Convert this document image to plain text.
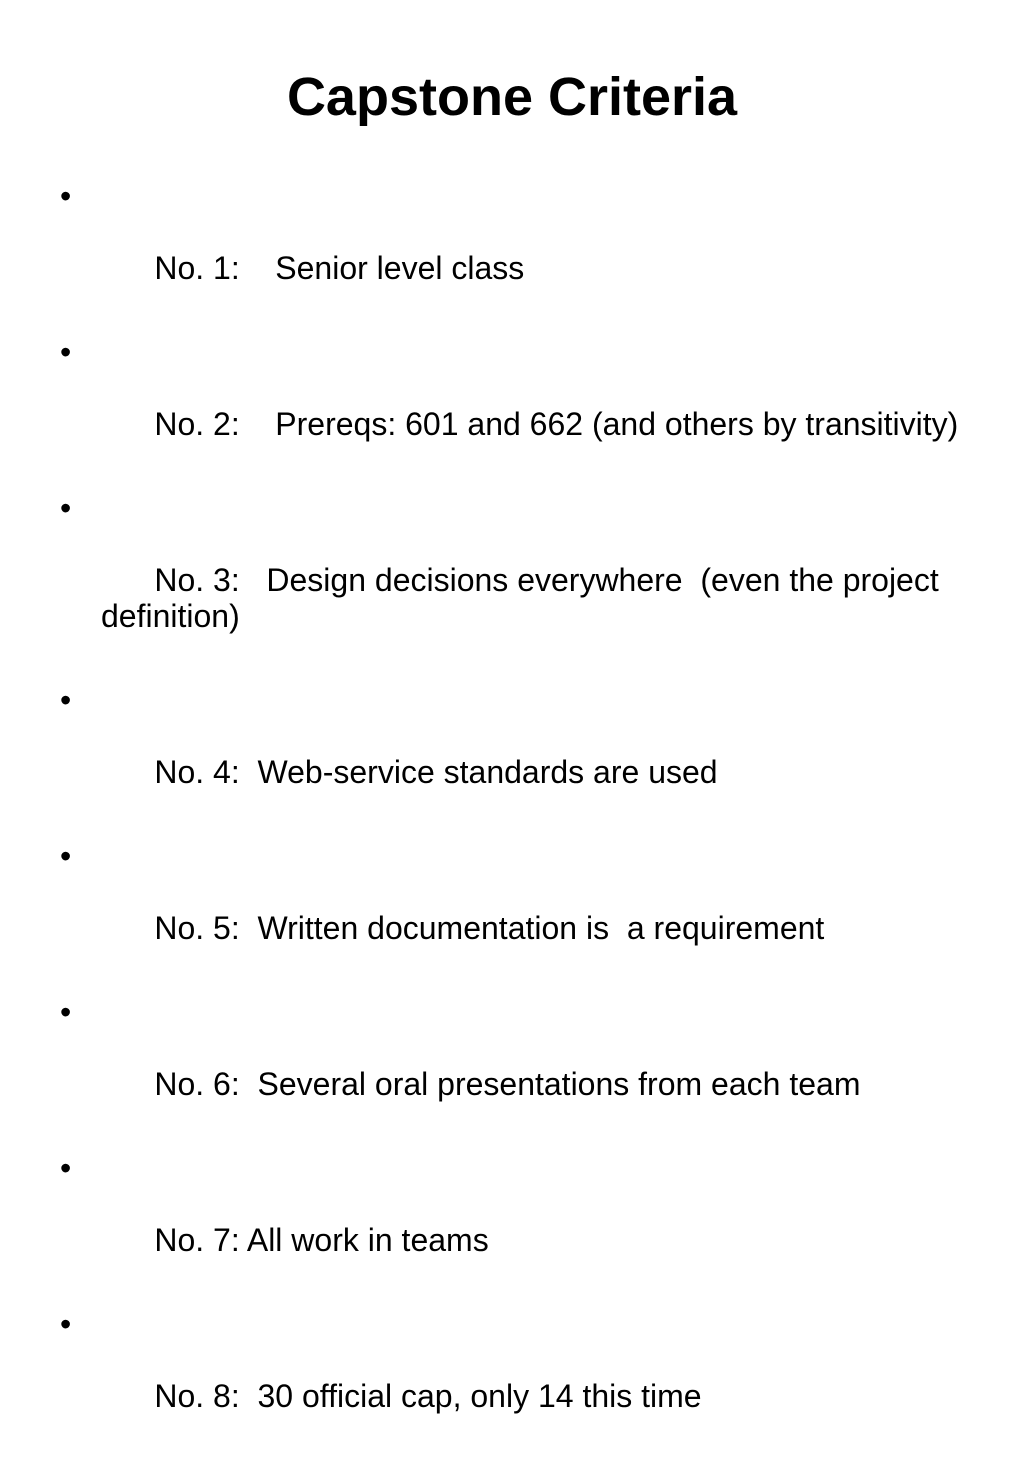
Capstone Criteria

•

No. 1:    Senior level class

•

No. 2:    Prereqs: 601 and 662 (and others by transitivity)

•

No. 3:   Design decisions everywhere  (even the project definition)

•

No. 4:  Web-service standards are used

•

No. 5:  Written documentation is  a requirement

•

No. 6:  Several oral presentations from each team

•

No. 7: All work in teams

•

No. 8:  30 official cap, only 14 this time
